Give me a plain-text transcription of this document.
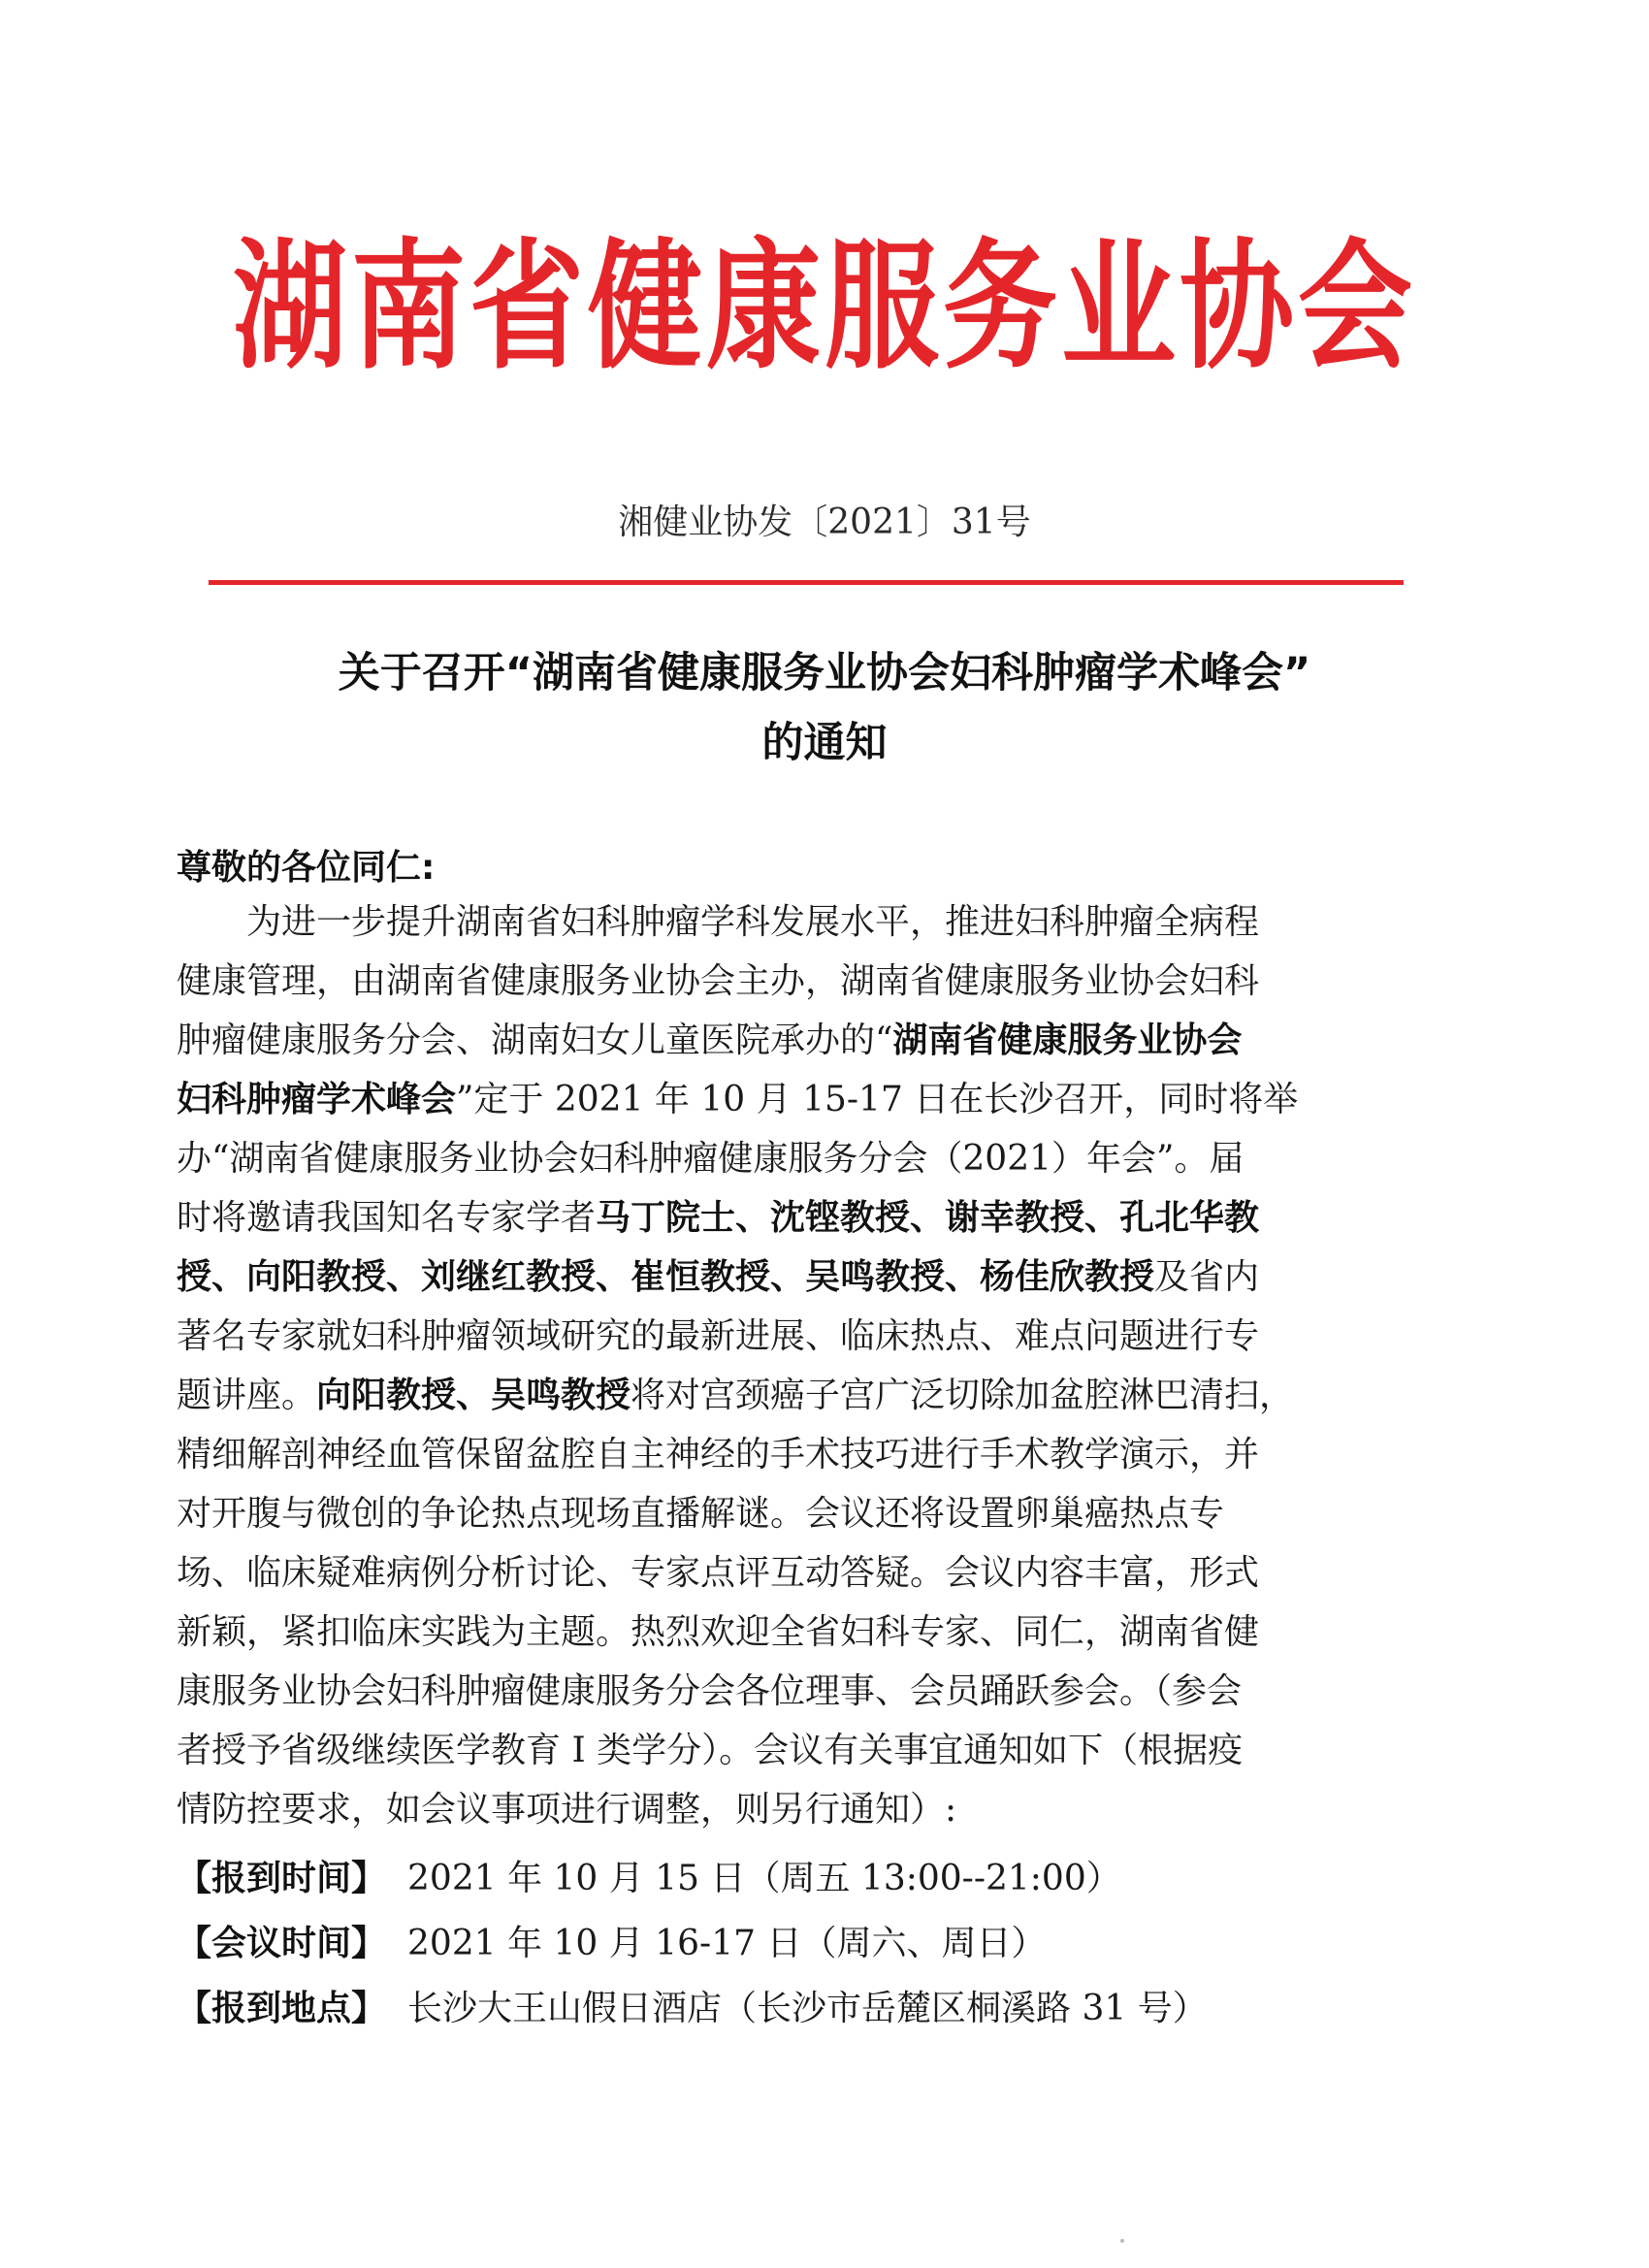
湖南省健康服务业协会
湘健业协发〔2021〕31号
关于召开“湖南省健康服务业协会妇科肿瘤学术峰会”
的通知
尊敬的各位同仁:
为进一步提升湖南省妇科肿瘤学科发展水平，推进妇科肿瘤全病程
健康管理，由湖南省健康服务业协会主办，湖南省健康服务业协会妇科
肿瘤健康服务分会、湖南妇女儿童医院承办的“湖南省健康服务业协会
妇科肿瘤学术峰会”定于 2021 年 10 月 15-17 日在长沙召开，同时将举
办“湖南省健康服务业协会妇科肿瘤健康服务分会（2021）年会”。届
时将邀请我国知名专家学者马丁院士、沈铿教授、谢幸教授、孔北华教
授、向阳教授、刘继红教授、崔恒教授、吴鸣教授、杨佳欣教授及省内
著名专家就妇科肿瘤领域研究的最新进展、临床热点、难点问题进行专
题讲座。向阳教授、吴鸣教授将对宫颈癌子宫广泛切除加盆腔淋巴清扫，
精细解剖神经血管保留盆腔自主神经的手术技巧进行手术教学演示，并
对开腹与微创的争论热点现场直播解谜。会议还将设置卵巢癌热点专
场、临床疑难病例分析讨论、专家点评互动答疑。会议内容丰富，形式
新颖，紧扣临床实践为主题。热烈欢迎全省妇科专家、同仁，湖南省健
康服务业协会妇科肿瘤健康服务分会各位理事、会员踊跃参会。（参会
者授予省级继续医学教育 I 类学分）。会议有关事宜通知如下（根据疫
情防控要求，如会议事项进行调整，则另行通知）:
【报到时间】 2021 年 10 月 15 日（周五 13:00--21:00）
【会议时间】 2021 年 10 月 16-17 日（周六、周日）
【报到地点】 长沙大王山假日酒店（长沙市岳麓区桐溪路 31 号）
